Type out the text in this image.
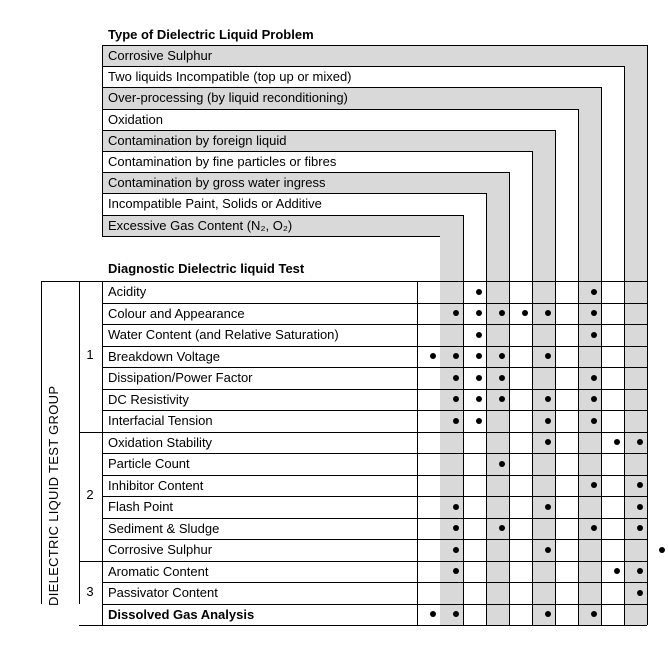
Type of Dielectric Liquid Problem
Diagnostic Dielectric liquid Test
DIELECTRIC LIQUID TEST GROUP
Corrosive Sulphur
Two liquids Incompatible (top up or mixed)
Over-processing (by liquid reconditioning)
Oxidation
Contamination by foreign liquid
Contamination by fine particles or fibres
Contamination by gross water ingress
Incompatible Paint, Solids or Additive
Excessive Gas Content (N₂, O₂)
Acidity
Colour and Appearance
Water Content (and Relative Saturation)
Breakdown Voltage
Dissipation/Power Factor
DC Resistivity
Interfacial Tension
Oxidation Stability
Particle Count
Inhibitor Content
Flash Point
Sediment & Sludge
Corrosive Sulphur
Aromatic Content
Passivator Content
Dissolved Gas Analysis
1
2
3
